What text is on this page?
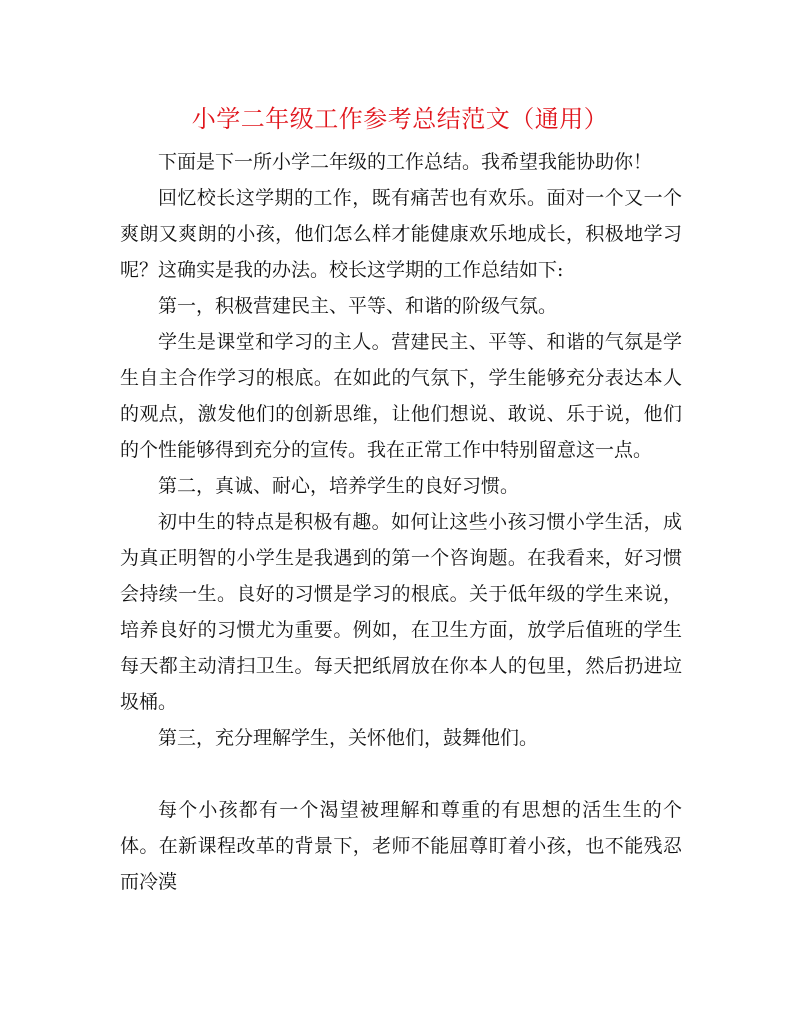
小学二年级工作参考总结范文（通用）

下面是下一所小学二年级的工作总结。我希望我能协助你！

回忆校长这学期的工作，既有痛苦也有欢乐。面对一个又一个爽朗又爽朗的小孩，他们怎么样才能健康欢乐地成长，积极地学习呢？这确实是我的办法。校长这学期的工作总结如下:

第一，积极营建民主、平等、和谐的阶级气氛。

学生是课堂和学习的主人。营建民主、平等、和谐的气氛是学生自主合作学习的根底。在如此的气氛下，学生能够充分表达本人的观点，激发他们的创新思维，让他们想说、敢说、乐于说，他们的个性能够得到充分的宣传。我在正常工作中特别留意这一点。

第二，真诚、耐心，培养学生的良好习惯。

初中生的特点是积极有趣。如何让这些小孩习惯小学生活，成为真正明智的小学生是我遇到的第一个咨询题。在我看来，好习惯会持续一生。良好的习惯是学习的根底。关于低年级的学生来说，培养良好的习惯尤为重要。例如，在卫生方面，放学后值班的学生每天都主动清扫卫生。每天把纸屑放在你本人的包里，然后扔进垃圾桶。

第三，充分理解学生，关怀他们，鼓舞他们。

每个小孩都有一个渴望被理解和尊重的有思想的活生生的个体。在新课程改革的背景下，老师不能屈尊盯着小孩，也不能残忍而冷漠
